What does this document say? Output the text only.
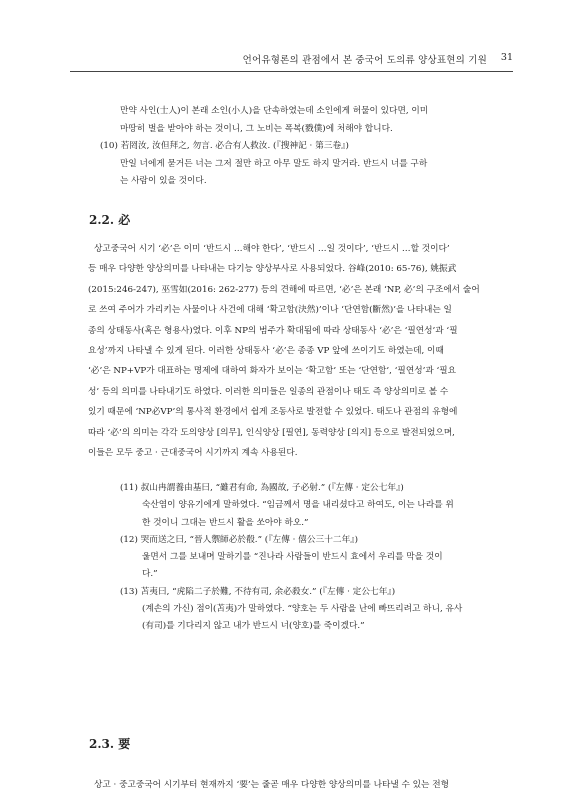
언어유형론의 관점에서 본 중국어 도의류 양상표현의 기원 31

만약 사인(士人)이 본래 소인(小人)을 단속하였는데 소인에게 허물이 있다면, 이미

마땅히 벌을 받아야 하는 것이니, 그 노비는 폭복(戮僕)에 처해야 합니다.

(10) 若罔汝, 汝但拜之, 勿言. 必合有人救汝. (『搜神記 · 第三卷』)

만일 너에게 묻거든 너는 그저 절만 하고 아무 말도 하지 말거라. 반드시 너를 구하

는 사람이 있을 것이다.

2.2. 必

상고중국어 시기 ‘必’은 이미 ‘반드시 …해야 한다’, ‘반드시 …일 것이다’, ‘반드시 …할 것이다’

등 매우 다양한 양상의미를 나타내는 다기능 양상부사로 사용되었다. 谷峰(2010: 65-76), 姚振武

(2015:246-247), 巫雪如(2016: 262-277) 등의 견해에 따르면, ‘必’은 본래 ‘NP, 必’의 구조에서 술어

로 쓰여 주어가 가리키는 사물이나 사건에 대해 ‘확고함(決然)’이나 ‘단연함(斷然)’을 나타내는 일

종의 상태동사(혹은 형용사)였다. 이후 NP의 범주가 확대됨에 따라 상태동사 ‘必’은 ‘필연성’과 ‘필

요성’까지 나타낼 수 있게 된다. 이러한 상태동사 ‘必’은 종종 VP 앞에 쓰이기도 하였는데, 이때

‘必’은 NP+VP가 대표하는 명제에 대하여 화자가 보이는 ‘확고함’ 또는 ‘단연함’, ‘필연성’과 ‘필요

성’ 등의 의미를 나타내기도 하였다. 이러한 의미들은 일종의 관점이나 태도 즉 양상의미로 볼 수

있기 때문에 ‘NP必VP’의 통사적 환경에서 쉽게 조동사로 발전할 수 있었다. 태도나 관점의 유형에

따라 ‘必’의 의미는 각각 도의양상 [의무], 인식양상 [필연], 동력양상 [의지] 등으로 발전되었으며,

이들은 모두 중고 · 근대중국어 시기까지 계속 사용된다.

(11) 叔山冉謂養由基曰, “雖君有命, 為國故, 子必射.” (『左傳 · 定公七年』)

숙산염이 양유기에게 말하였다. “임금께서 명을 내리셨다고 하여도, 이는 나라를 위

한 것이니 그대는 반드시 활을 쏘아야 하오.”

(12) 哭而送之曰, “晉人禦師必於殽.” (『左傳 · 僖公三十二年』)

울면서 그를 보내며 말하기를 “진나라 사람들이 반드시 효에서 우리를 막을 것이

다.”

(13) 苫夷曰, “虎陷二子於難, 不待有司, 余必殺女.” (『左傳 · 定公七年』)

(계손의 가신) 점이(苫夷)가 말하였다. “양호는 두 사람을 난에 빠뜨리려고 하니, 유사

(有司)를 기다리지 않고 내가 반드시 너(양호)를 죽이겠다.”

2.3. 要

상고 · 중고중국어 시기부터 현재까지 ‘要’는 줄곧 매우 다양한 양상의미를 나타낼 수 있는 전형
